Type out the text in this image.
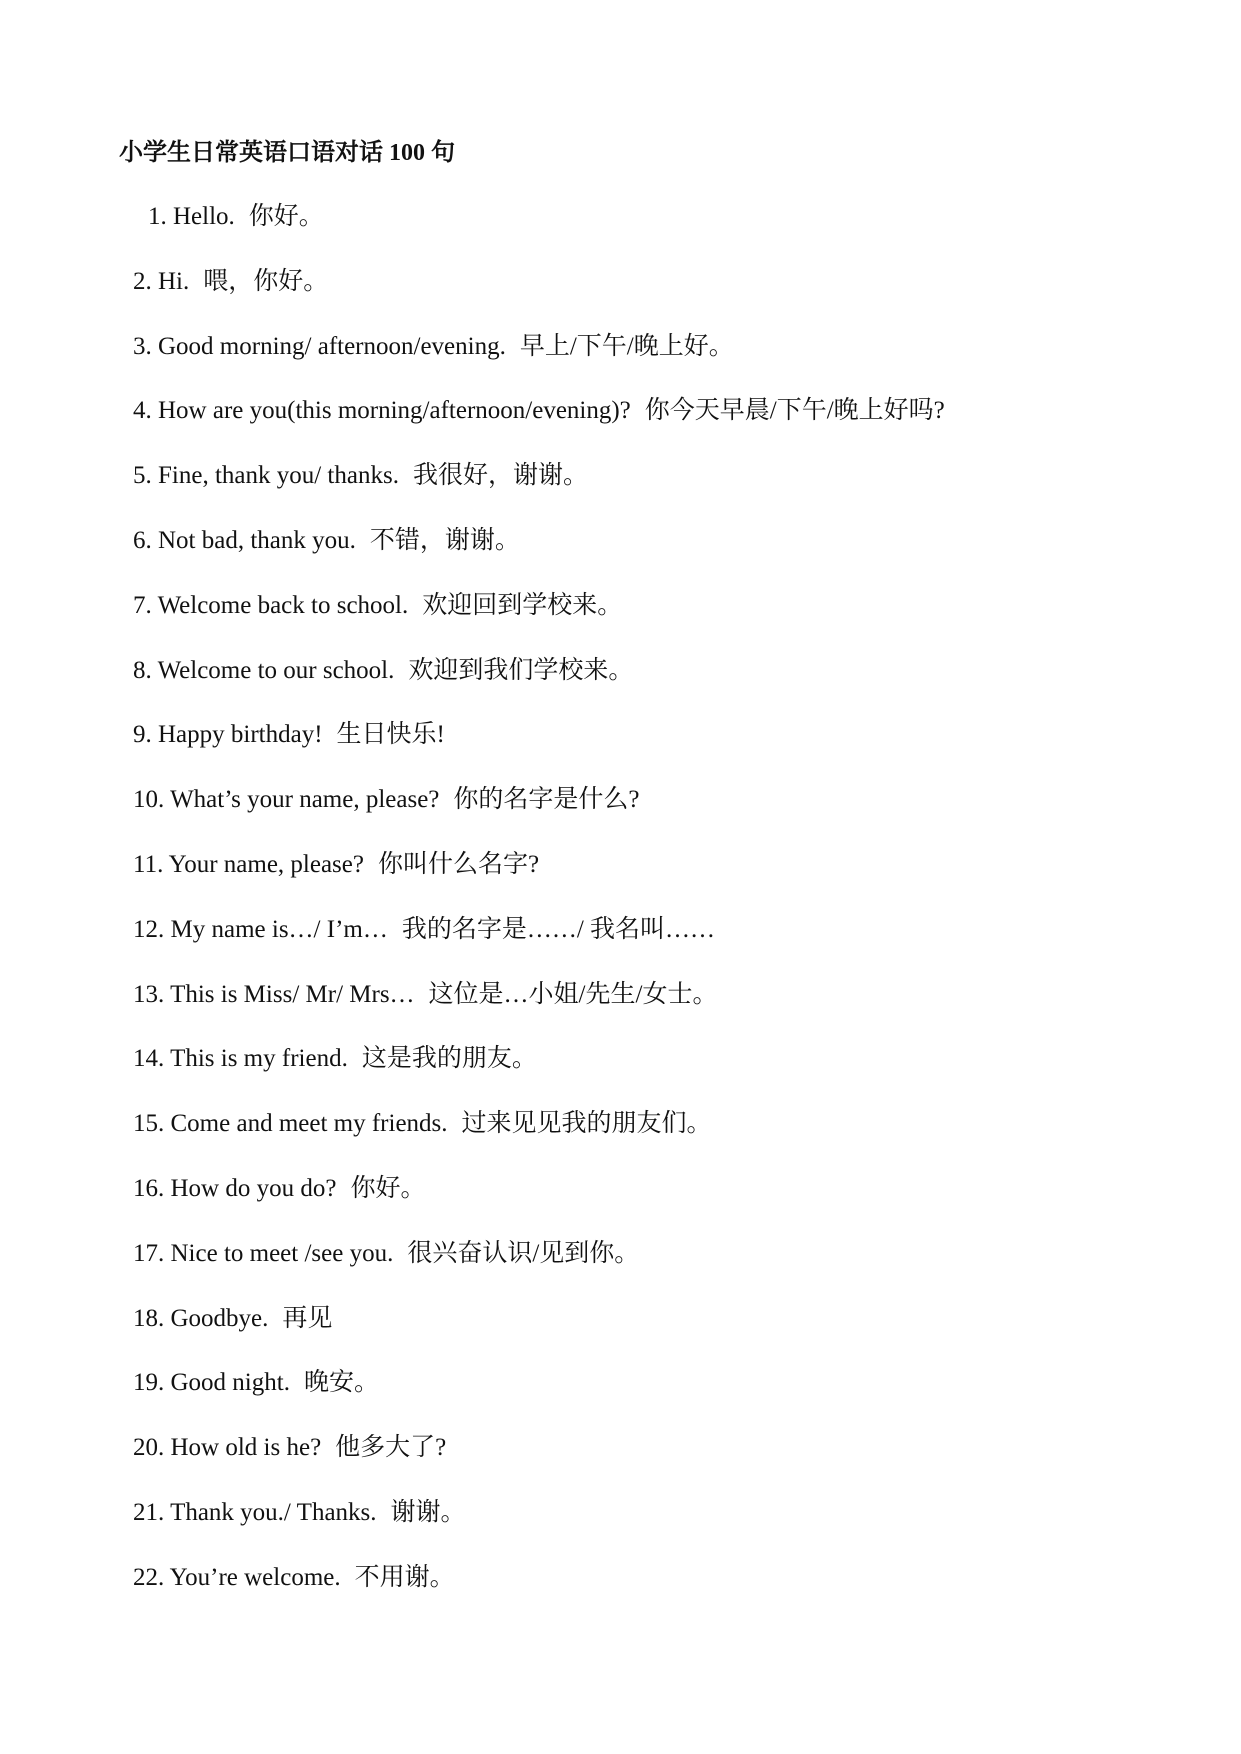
小学生日常英语口语对话 100 句
1. Hello. 你好。
2. Hi. 喂，你好。
3. Good morning/ afternoon/evening. 早上/下午/晚上好。
4. How are you(this morning/afternoon/evening)? 你今天早晨/下午/晚上好吗?
5. Fine, thank you/ thanks. 我很好，谢谢。
6. Not bad, thank you. 不错，谢谢。
7. Welcome back to school. 欢迎回到学校来。
8. Welcome to our school. 欢迎到我们学校来。
9. Happy birthday! 生日快乐!
10. What’s your name, please? 你的名字是什么?
11. Your name, please? 你叫什么名字?
12. My name is…/ I’m… 我的名字是……/ 我名叫……
13. This is Miss/ Mr/ Mrs… 这位是…小姐/先生/女士。
14. This is my friend. 这是我的朋友。
15. Come and meet my friends. 过来见见我的朋友们。
16. How do you do? 你好。
17. Nice to meet /see you. 很兴奋认识/见到你。
18. Goodbye. 再见
19. Good night. 晚安。
20. How old is he? 他多大了?
21. Thank you./ Thanks. 谢谢。
22. You’re welcome. 不用谢。
